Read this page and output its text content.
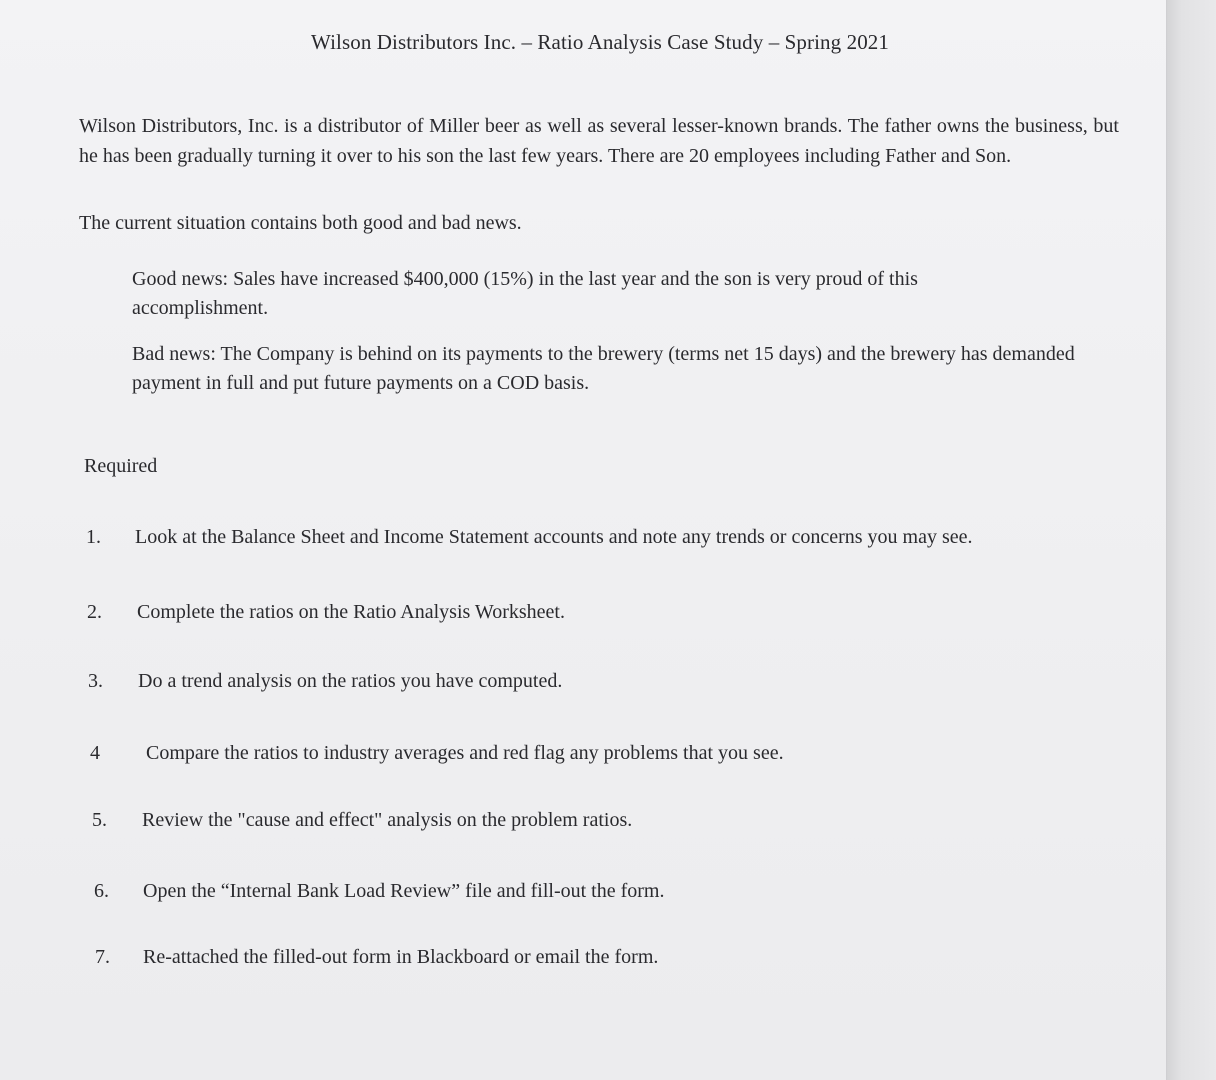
Wilson Distributors Inc. – Ratio Analysis Case Study – Spring 2021
Wilson Distributors, Inc. is a distributor of Miller beer as well as several lesser-known brands. The father owns the business, but he has been gradually turning it over to his son the last few years. There are 20 employees including Father and Son.
The current situation contains both good and bad news.
Good news: Sales have increased $400,000 (15%) in the last year and the son is very proud of this accomplishment.
Bad news: The Company is behind on its payments to the brewery (terms net 15 days) and the brewery has demanded payment in full and put future payments on a COD basis.
Required
1. Look at the Balance Sheet and Income Statement accounts and note any trends or concerns you may see.
2. Complete the ratios on the Ratio Analysis Worksheet.
3. Do a trend analysis on the ratios you have computed.
4 Compare the ratios to industry averages and red flag any problems that you see.
5. Review the "cause and effect" analysis on the problem ratios.
6. Open the “Internal Bank Load Review” file and fill-out the form.
7. Re-attached the filled-out form in Blackboard or email the form.
